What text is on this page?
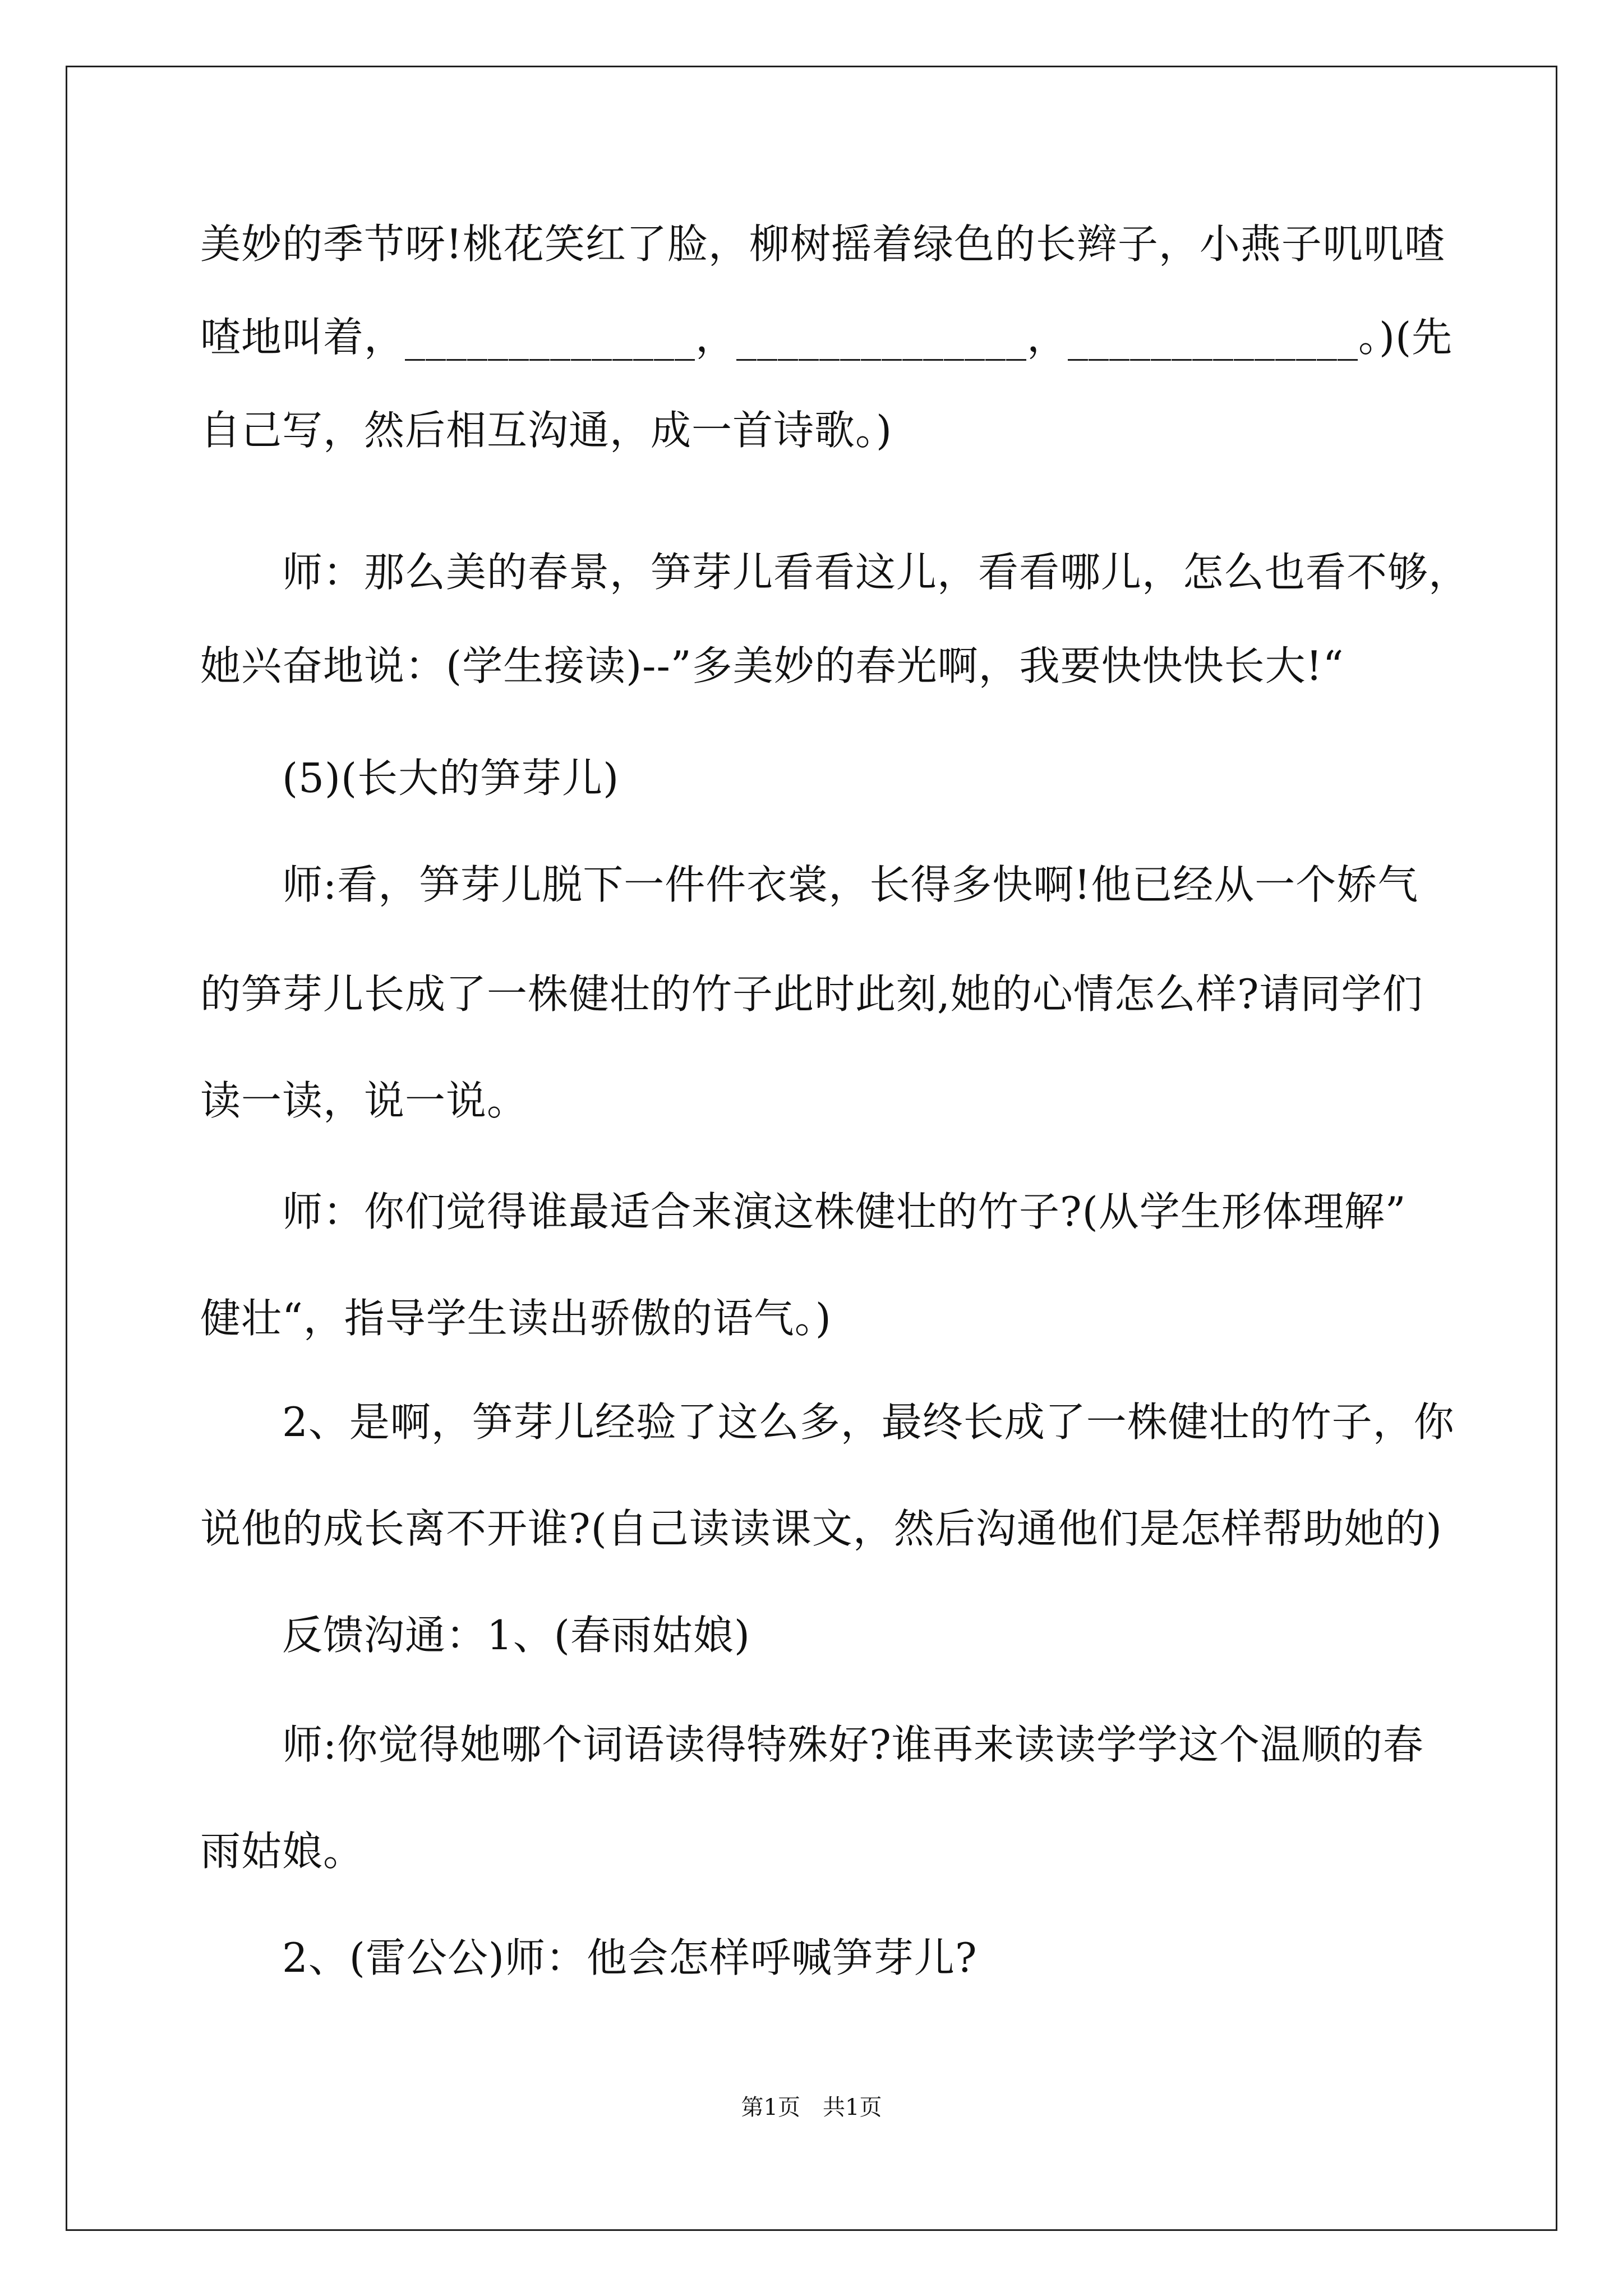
美妙的季节呀!桃花笑红了脸，柳树摇着绿色的长辫子，小燕子叽叽喳
喳地叫着，______________，______________，______________。)(先
自己写，然后相互沟通，成一首诗歌。)
师：那么美的春景，笋芽儿看看这儿，看看哪儿，怎么也看不够，
她兴奋地说：(学生接读)--”多美妙的春光啊，我要快快快长大!“
(5)(长大的笋芽儿)
师:看，笋芽儿脱下一件件衣裳，长得多快啊!他已经从一个娇气
的笋芽儿长成了一株健壮的竹子此时此刻,她的心情怎么样?请同学们
读一读，说一说。
师：你们觉得谁最适合来演这株健壮的竹子?(从学生形体理解”
健壮“，指导学生读出骄傲的语气。)
2、是啊，笋芽儿经验了这么多，最终长成了一株健壮的竹子，你
说他的成长离不开谁?(自己读读课文，然后沟通他们是怎样帮助她的)
反馈沟通：1、(春雨姑娘)
师:你觉得她哪个词语读得特殊好?谁再来读读学学这个温顺的春
雨姑娘。
2、(雷公公)师：他会怎样呼喊笋芽儿?
第1页　共1页
